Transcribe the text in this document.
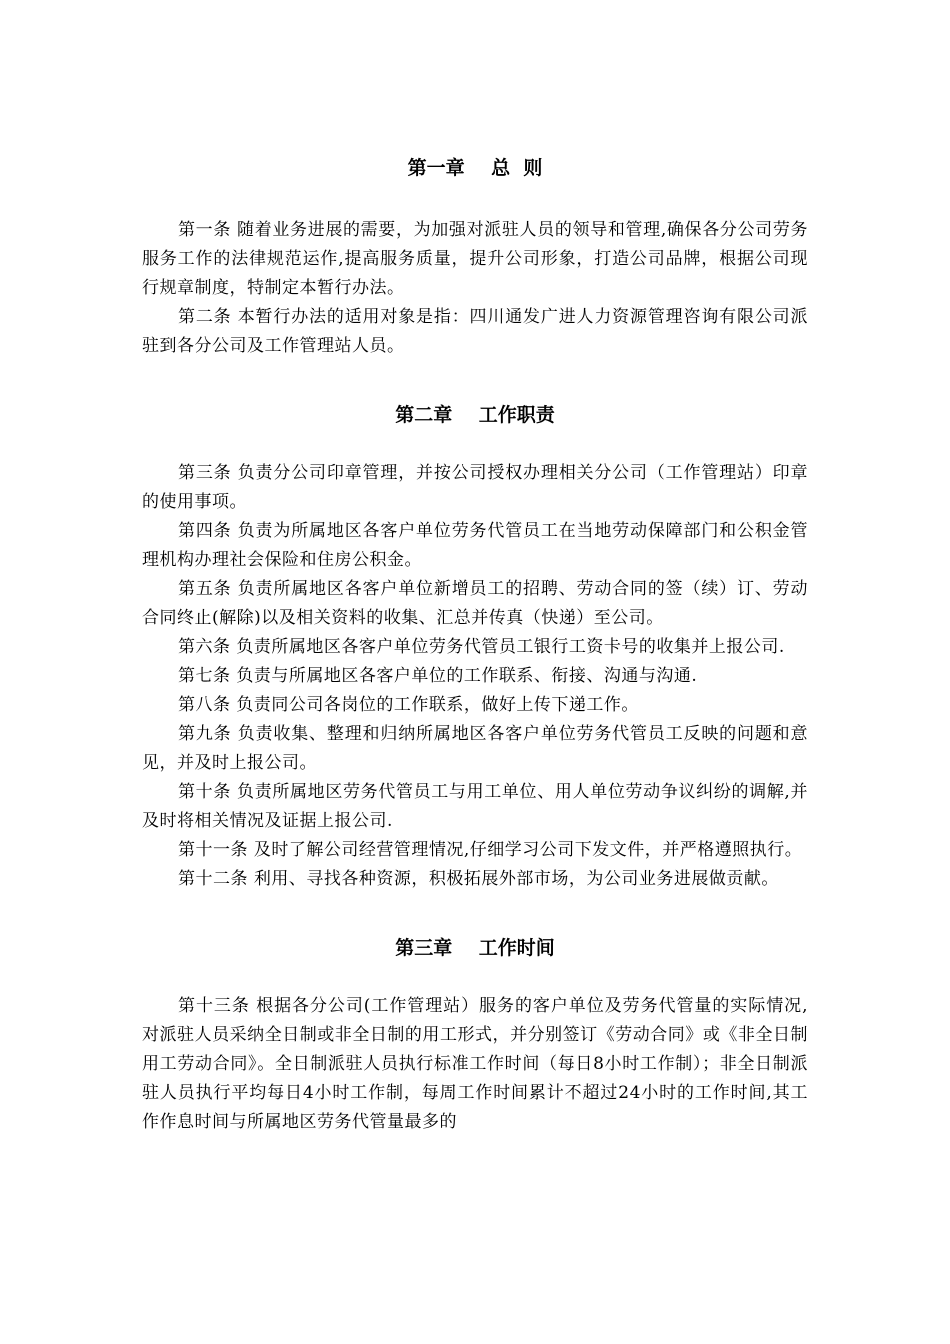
第一章    总  则

第一条 随着业务进展的需要，为加强对派驻人员的领导和管理,确保各分公司劳务服务工作的法律规范运作,提高服务质量，提升公司形象，打造公司品牌，根据公司现行规章制度，特制定本暂行办法。

第二条 本暂行办法的适用对象是指：四川通发广进人力资源管理咨询有限公司派驻到各分公司及工作管理站人员。

第二章    工作职责

第三条 负责分公司印章管理，并按公司授权办理相关分公司（工作管理站）印章的使用事项。

第四条 负责为所属地区各客户单位劳务代管员工在当地劳动保障部门和公积金管理机构办理社会保险和住房公积金。

第五条 负责所属地区各客户单位新增员工的招聘、劳动合同的签（续）订、劳动合同终止(解除)以及相关资料的收集、汇总并传真（快递）至公司。

第六条 负责所属地区各客户单位劳务代管员工银行工资卡号的收集并上报公司.

第七条 负责与所属地区各客户单位的工作联系、衔接、沟通与沟通.

第八条 负责同公司各岗位的工作联系，做好上传下递工作。

第九条 负责收集、整理和归纳所属地区各客户单位劳务代管员工反映的问题和意见，并及时上报公司。

第十条 负责所属地区劳务代管员工与用工单位、用人单位劳动争议纠纷的调解,并及时将相关情况及证据上报公司.

第十一条 及时了解公司经营管理情况,仔细学习公司下发文件，并严格遵照执行。

第十二条 利用、寻找各种资源，积极拓展外部市场，为公司业务进展做贡献。

第三章    工作时间

第十三条 根据各分公司(工作管理站）服务的客户单位及劳务代管量的实际情况,对派驻人员采纳全日制或非全日制的用工形式，并分别签订《劳动合同》或《非全日制用工劳动合同》。全日制派驻人员执行标准工作时间（每日8小时工作制）；非全日制派驻人员执行平均每日4小时工作制，每周工作时间累计不超过24小时的工作时间,其工作作息时间与所属地区劳务代管量最多的
